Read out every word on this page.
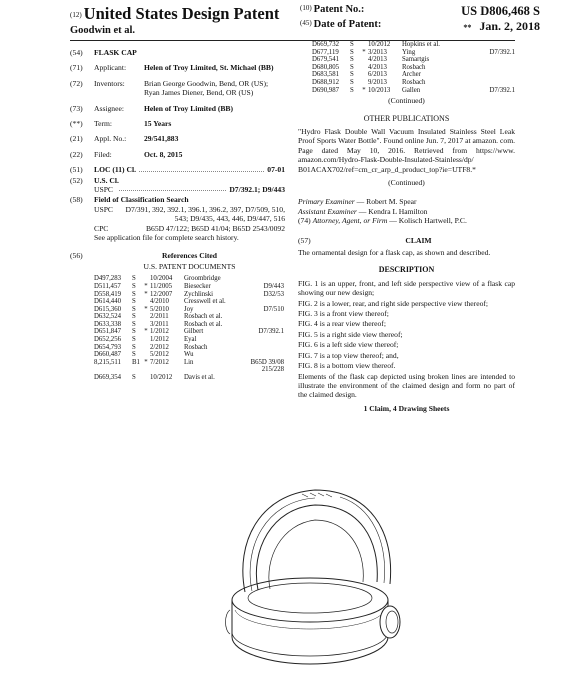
(12) United States Design Patent
Goodwin et al.
(10) Patent No.:	US D806,468 S
(45) Date of Patent:	** Jan. 2, 2018
(54)	FLASK CAP
(71)	Applicant:	Helen of Troy Limited, St. Michael (BB)
(72)	Inventors:	Brian George Goodwin, Bend, OR (US); Ryan James Diener, Bend, OR (US)
(73)	Assignee:	Helen of Troy Limited (BB)
(**)	Term:	15 Years
(21)	Appl. No.:	29/541,883
(22)	Filed:	Oct. 8, 2015
(51)	LOC (11) Cl.	07-01
(52)	U.S. Cl.
USPC	D7/392.1; D9/443
(58)	Field of Classification Search
USPC	D7/391, 392, 392.1, 396.1, 396.2, 397, D7/509, 510, 543; D9/435, 443, 446, D9/447, 516
CPC	B65D 47/122; B65D 41/04; B65D 2543/0092
See application file for complete search history.
(56)	References Cited
U.S. PATENT DOCUMENTS
D497,283	S		10/2004	Groombridge	
D511,457	S	*	11/2005	Biesecker	D9/443
D558,419	S	*	12/2007	Zychlinski	D32/53
D614,440	S		4/2010	Cresswell et al.	
D615,360	S	*	5/2010	Joy	D7/510
D632,524	S		2/2011	Rosbach et al.	
D633,338	S		3/2011	Rosbach et al.	
D651,847	S	*	1/2012	Gilbert	D7/392.1
D652,256	S		1/2012	Eyal	
D654,793	S		2/2012	Rosbach	
D660,487	S		5/2012	Wu	
8,215,511	B1	*	7/2012	Lin	B65D 39/08
					215/228
D669,354	S		10/2012	Davis et al.	
D669,732	S		10/2012	Hopkins et al.	
D677,119	S	*	3/2013	Ying	D7/392.1
D679,541	S		4/2013	Samartgis	
D680,805	S		4/2013	Rosbach	
D683,581	S		6/2013	Archer	
D688,912	S		9/2013	Rosbach	
D690,987	S	*	10/2013	Gallen	D7/392.1
(Continued)
OTHER PUBLICATIONS

"Hydro Flask Double Wall Vacuum Insulated Stainless Steel Leak Proof Sports Water Bottle". Found online Jun. 7, 2017 at amazon. com. Page dated May 10, 2016. Retrieved from https://www. amazon.com/Hydro-Flask-Double-Insulated-Stainless/dp/ B01ACAX702/ref=cm_cr_arp_d_product_top?ie=UTF8.*

(Continued)
Primary Examiner — Robert M. Spear
Assistant Examiner — Kendra L Hamilton
(74) Attorney, Agent, or Firm — Kolisch Hartwell, P.C.
(57)	CLAIM

The ornamental design for a flask cap, as shown and described.

DESCRIPTION

FIG. 1 is an upper, front, and left side perspective view of a flask cap showing our new design;

FIG. 2 is a lower, rear, and right side perspective view thereof;

FIG. 3 is a front view thereof;

FIG. 4 is a rear view thereof;

FIG. 5 is a right side view thereof;

FIG. 6 is a left side view thereof;

FIG. 7 is a top view thereof; and,

FIG. 8 is a bottom view thereof.

Elements of the flask cap depicted using broken lines are intended to illustrate the environment of the claimed design and form no part of the claimed design.

1 Claim, 4 Drawing Sheets
